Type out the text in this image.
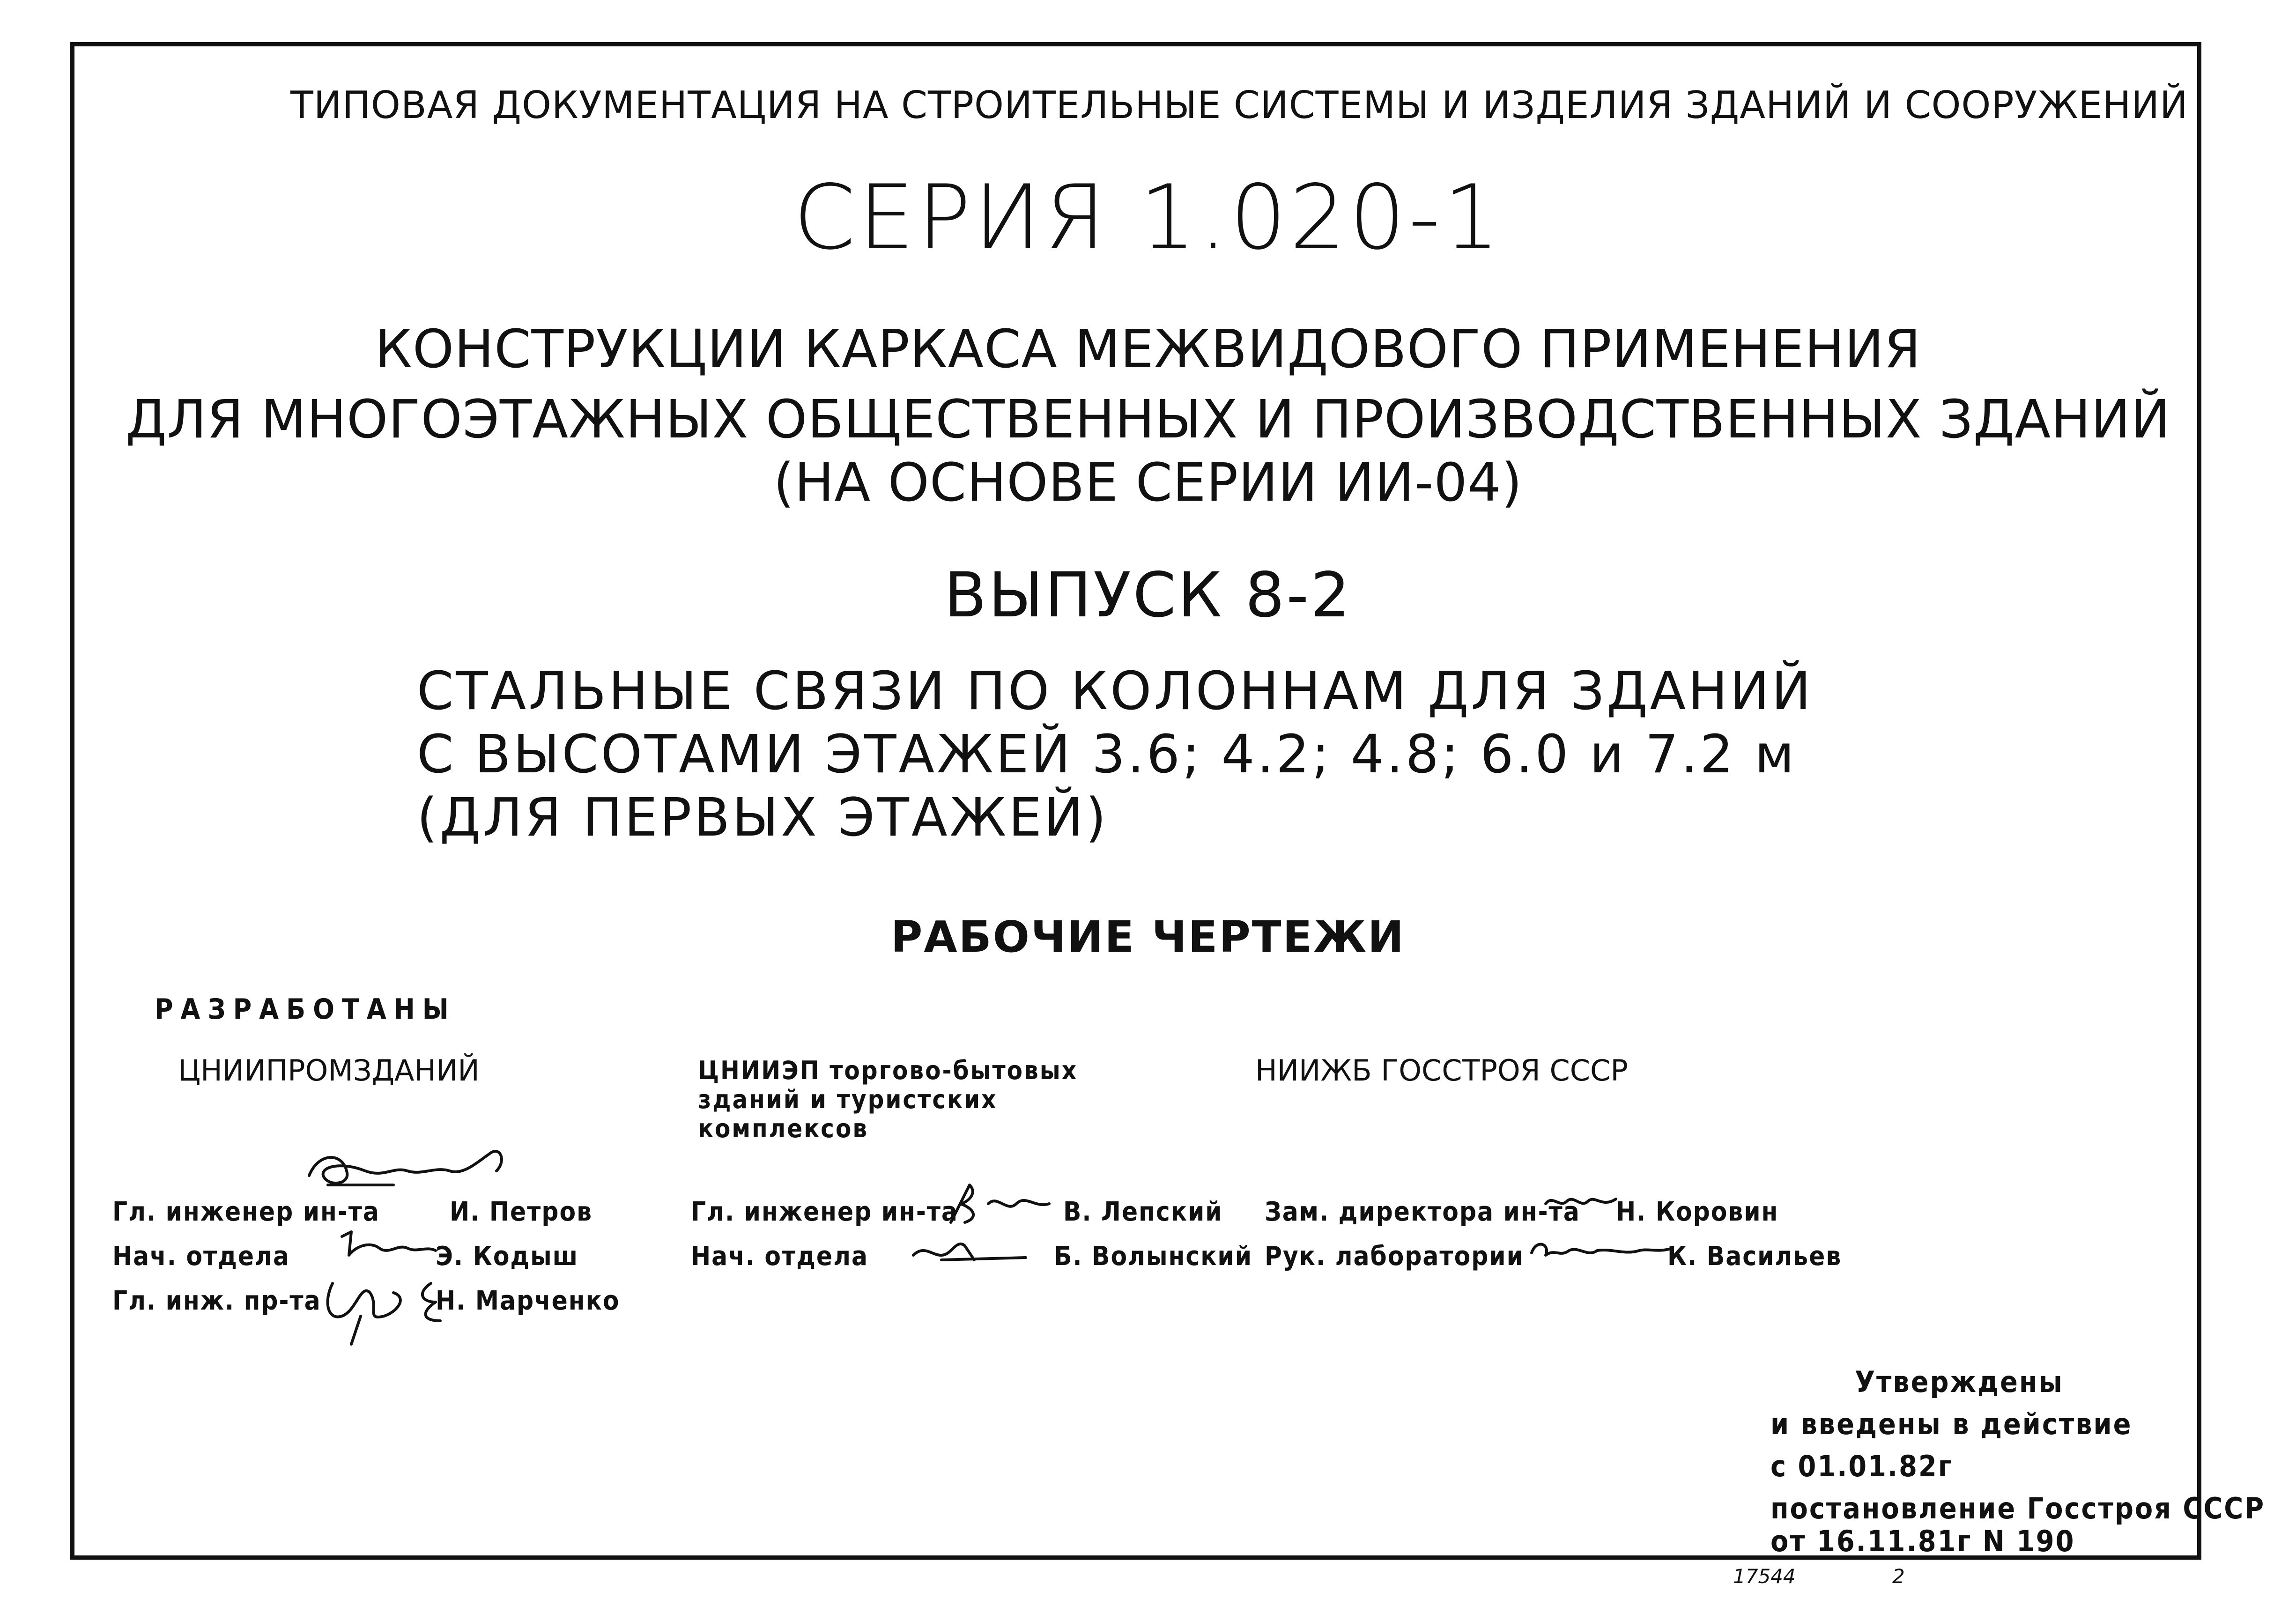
ТИПОВАЯ ДОКУМЕНТАЦИЯ НА СТРОИТЕЛЬНЫЕ СИСТЕМЫ И ИЗДЕЛИЯ ЗДАНИЙ И СООРУЖЕНИЙ
СЕРИЯ 1.020-1
КОНСТРУКЦИИ КАРКАСА МЕЖВИДОВОГО ПРИМЕНЕНИЯ
ДЛЯ МНОГОЭТАЖНЫХ ОБЩЕСТВЕННЫХ И ПРОИЗВОДСТВЕННЫХ ЗДАНИЙ
(НА ОСНОВЕ СЕРИИ ИИ-04)
ВЫПУСК 8-2
СТАЛЬНЫЕ СВЯЗИ ПО КОЛОННАМ ДЛЯ ЗДАНИЙ
С ВЫСОТАМИ ЭТАЖЕЙ 3.6; 4.2; 4.8; 6.0 и 7.2 м
(ДЛЯ ПЕРВЫХ ЭТАЖЕЙ)
РАБОЧИЕ ЧЕРТЕЖИ
РАЗРАБОТАНЫ
ЦНИИПРОМЗДАНИЙ	ЦНИИЭП торгово-бытовых
зданий и туристских
комплексов
НИИЖБ ГОССТРОЯ СССР
Гл. инженер ин-та	И. Петров
Нач. отдела	Э. Кодыш
Гл. инж. пр-та	Н. Марченко
Гл. инженер ин-та	В. Лепский
Нач. отдела	Б. Волынский
Зам. директора ин-та Н. Коровин
Рук. лаборатории	К. Васильев
Утверждены
и введены в действие
с 01.01.82г
постановление Госстроя СССР
от 16.11.81г N 190
17544	2
